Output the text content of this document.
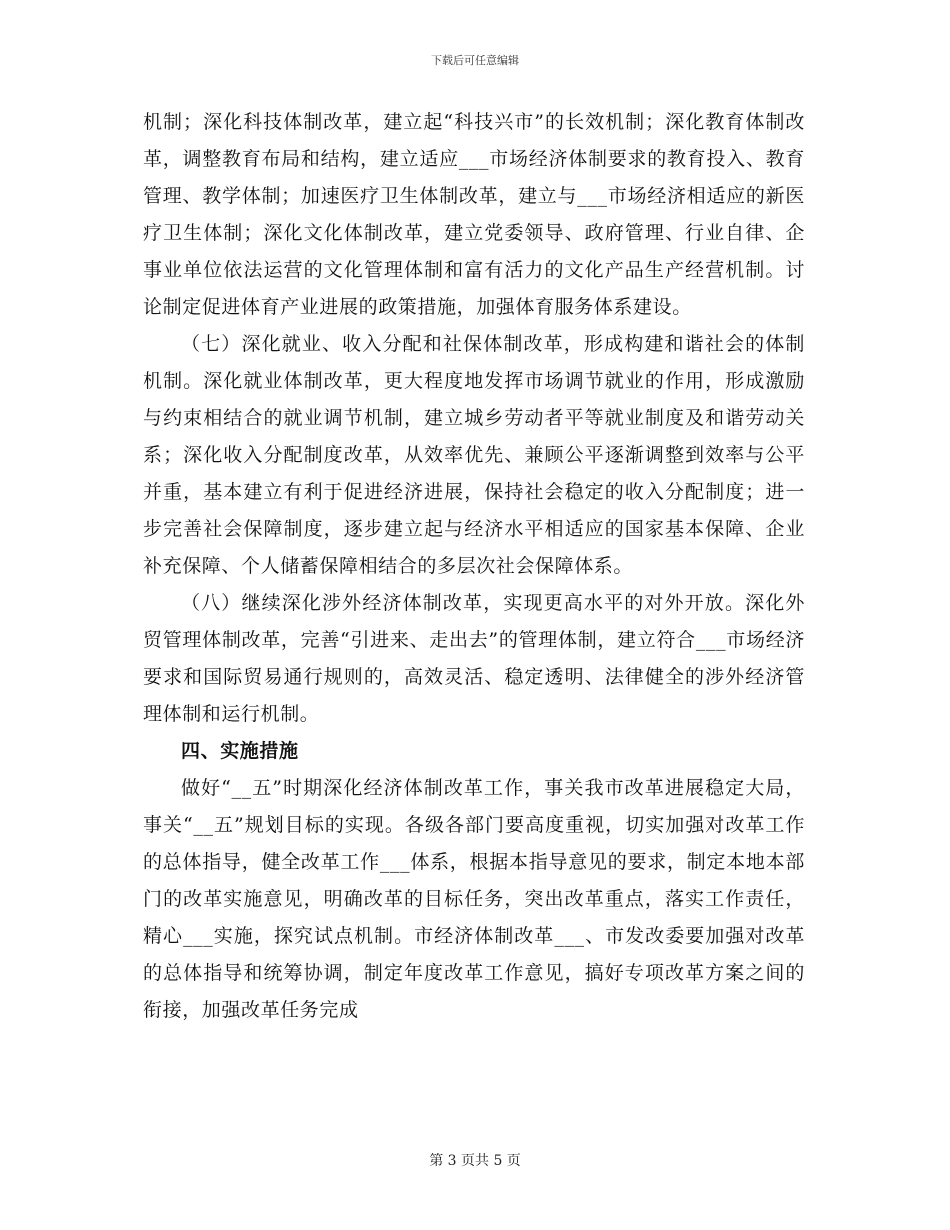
下载后可任意编辑

机制；深化科技体制改革，建立起“科技兴市”的长效机制；深化教育体制改革，调整教育布局和结构，建立适应___市场经济体制要求的教育投入、教育管理、教学体制；加速医疗卫生体制改革，建立与___市场经济相适应的新医疗卫生体制；深化文化体制改革，建立党委领导、政府管理、行业自律、企事业单位依法运营的文化管理体制和富有活力的文化产品生产经营机制。讨论制定促进体育产业进展的政策措施，加强体育服务体系建设。

（七）深化就业、收入分配和社保体制改革，形成构建和谐社会的体制机制。深化就业体制改革，更大程度地发挥市场调节就业的作用，形成激励与约束相结合的就业调节机制，建立城乡劳动者平等就业制度及和谐劳动关系；深化收入分配制度改革，从效率优先、兼顾公平逐渐调整到效率与公平并重，基本建立有利于促进经济进展，保持社会稳定的收入分配制度；进一步完善社会保障制度，逐步建立起与经济水平相适应的国家基本保障、企业补充保障、个人储蓄保障相结合的多层次社会保障体系。

（八）继续深化涉外经济体制改革，实现更高水平的对外开放。深化外贸管理体制改革，完善“引进来、走出去”的管理体制，建立符合___市场经济要求和国际贸易通行规则的，高效灵活、稳定透明、法律健全的涉外经济管理体制和运行机制。

四、实施措施

做好“__五”时期深化经济体制改革工作，事关我市改革进展稳定大局，事关“__五”规划目标的实现。各级各部门要高度重视，切实加强对改革工作的总体指导，健全改革工作___体系，根据本指导意见的要求，制定本地本部门的改革实施意见，明确改革的目标任务，突出改革重点，落实工作责任，精心___实施，探究试点机制。市经济体制改革___、市发改委要加强对改革的总体指导和统筹协调，制定年度改革工作意见，搞好专项改革方案之间的衔接，加强改革任务完成

第 3 页共 5 页
